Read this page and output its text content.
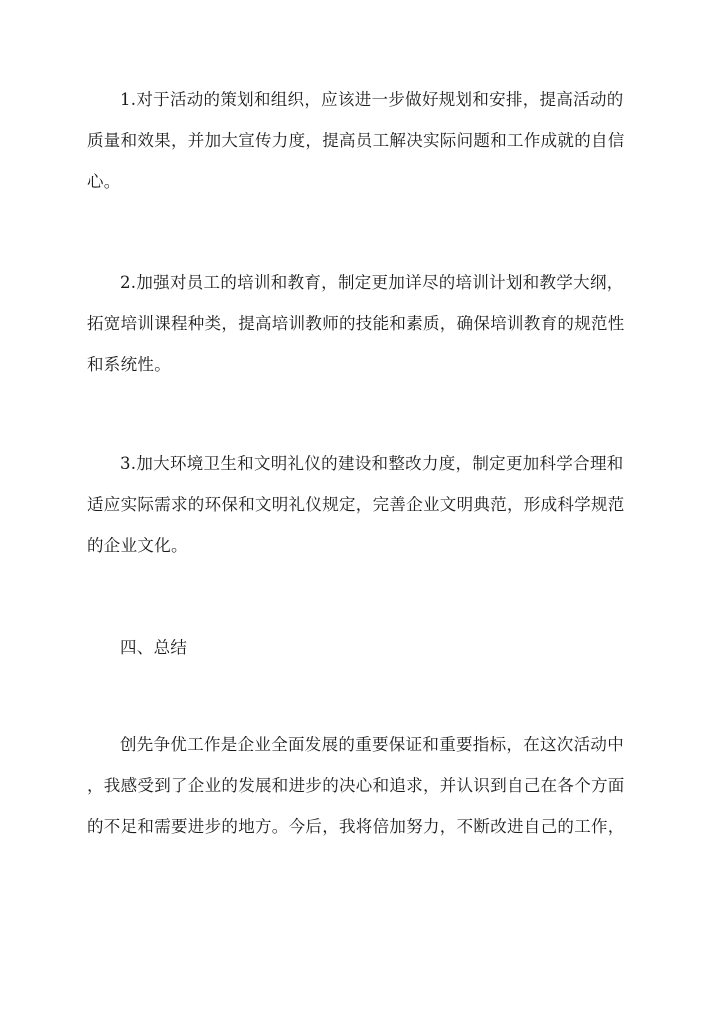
1.对于活动的策划和组织，应该进一步做好规划和安排，提高活动的
质量和效果，并加大宣传力度，提高员工解决实际问题和工作成就的自信
心。

2.加强对员工的培训和教育，制定更加详尽的培训计划和教学大纲，
拓宽培训课程种类，提高培训教师的技能和素质，确保培训教育的规范性
和系统性。

3.加大环境卫生和文明礼仪的建设和整改力度，制定更加科学合理和
适应实际需求的环保和文明礼仪规定，完善企业文明典范，形成科学规范
的企业文化。

四、总结

创先争优工作是企业全面发展的重要保证和重要指标，在这次活动中
，我感受到了企业的发展和进步的决心和追求，并认识到自己在各个方面
的不足和需要进步的地方。今后，我将倍加努力，不断改进自己的工作，
